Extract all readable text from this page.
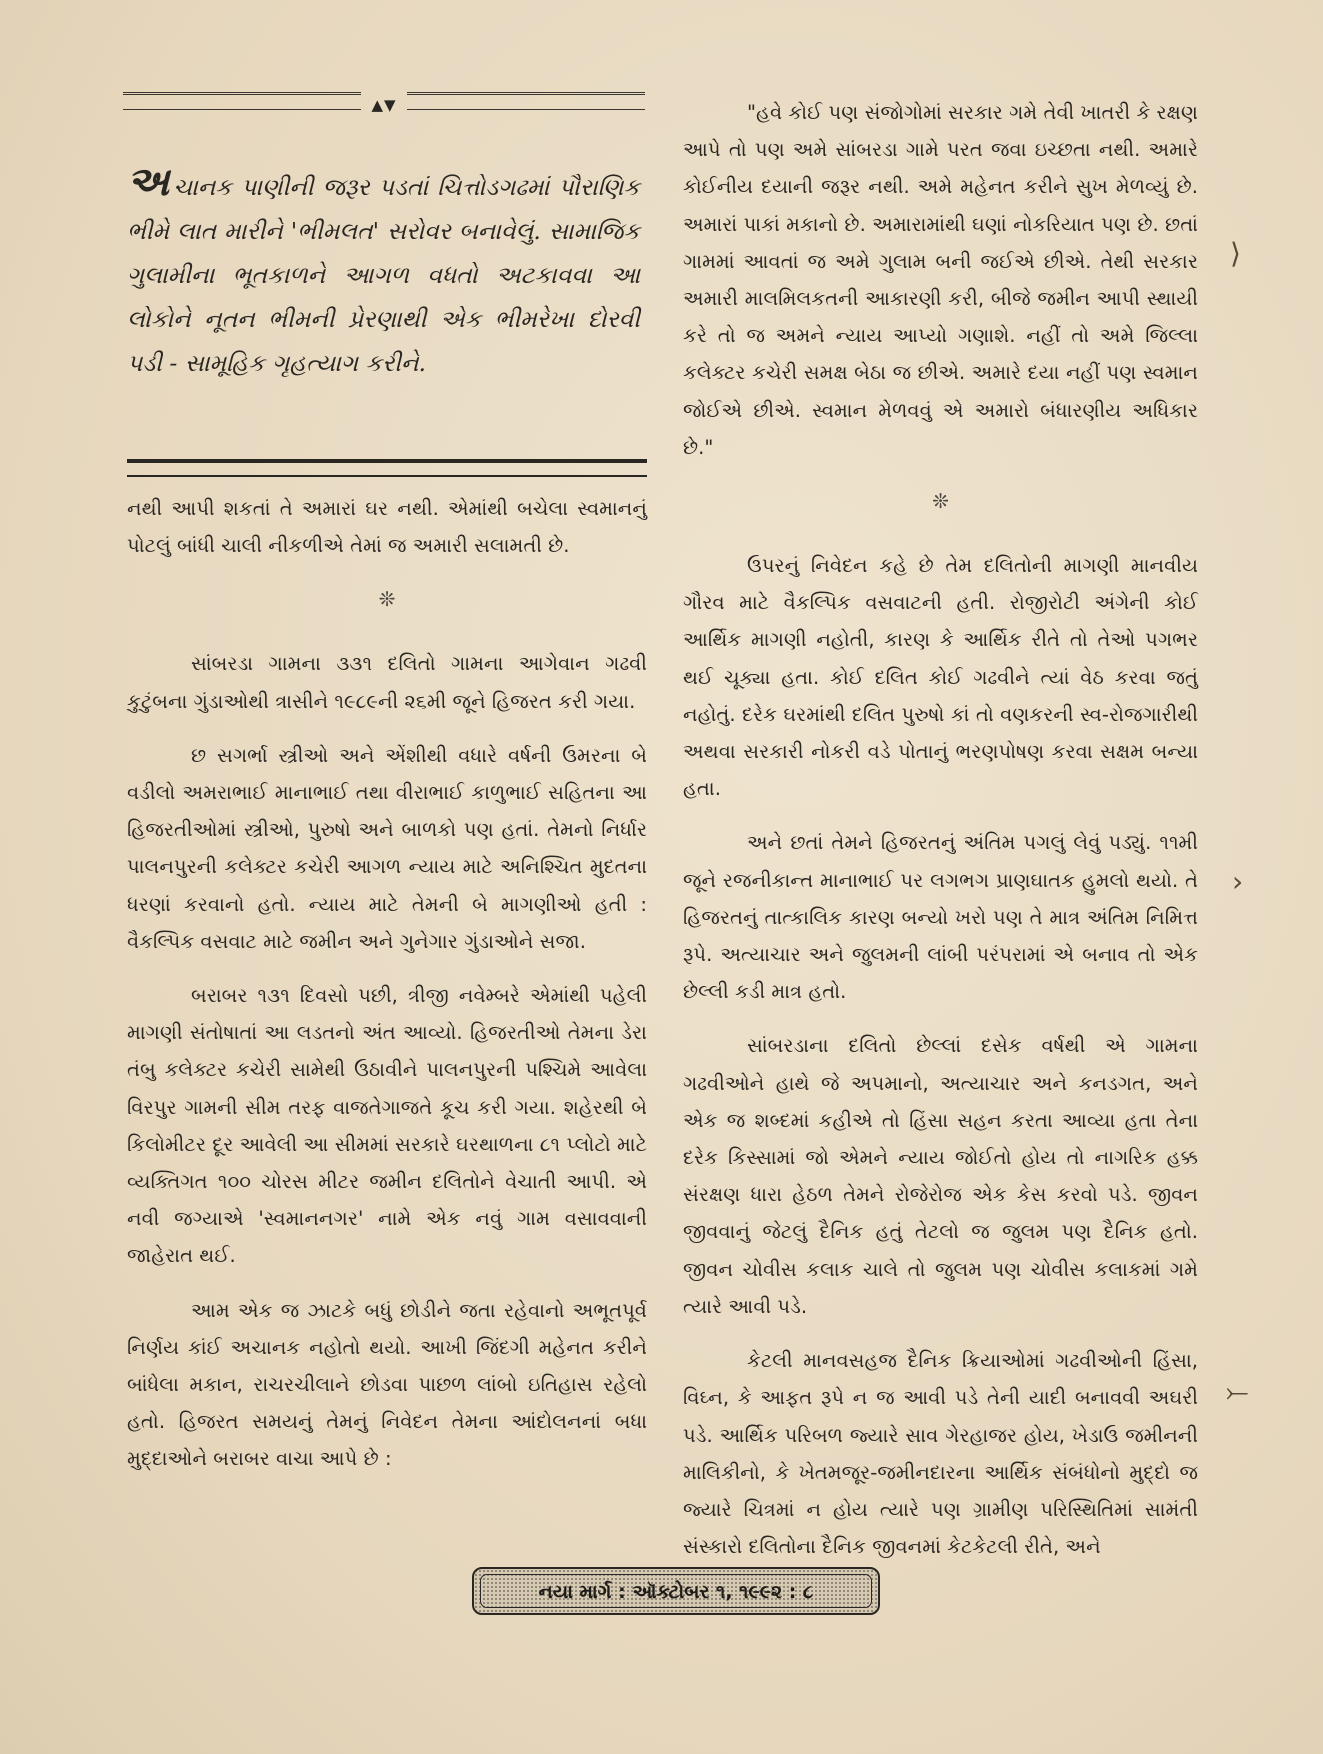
▲▼
અચાનક પાણીની જરૂર પડતાં ચિત્તોડગઢમાં પૌરાણિક ભીમે લાત મારીને 'ભીમલત' સરોવર બનાવેલું. સામાજિક ગુલામીના ભૂતકાળને આગળ વધતો અટકાવવા આ લોકોને નૂતન ભીમની પ્રેરણાથી એક ભીમરેખા દોરવી પડી - સામૂહિક ગૃહત્યાગ કરીને.

નથી આપી શકતાં તે અમારાં ઘર નથી. એમાંથી બચેલા સ્વમાનનું પોટલું બાંધી ચાલી નીકળીએ તેમાં જ અમારી સલામતી છે.

❊

સાંબરડા ગામના ૩૩૧ દલિતો ગામના આગેવાન ગઢવી કુટુંબના ગુંડાઓથી ત્રાસીને ૧૯૮૯ની ૨૬મી જૂને હિજરત કરી ગયા.

છ સગર્ભા સ્ત્રીઓ અને એંશીથી વધારે વર્ષની ઉમરના બે વડીલો અમરાભાઈ માનાભાઈ તથા વીરાભાઈ કાળુભાઈ સહિતના આ હિજરતીઓમાં સ્ત્રીઓ, પુરુષો અને બાળકો પણ હતાં. તેમનો નિર્ધાર પાલનપુરની કલેક્ટર કચેરી આગળ ન્યાય માટે અનિશ્ચિત મુદતના ધરણાં કરવાનો હતો. ન્યાય માટે તેમની બે માગણીઓ હતી : વૈકલ્પિક વસવાટ માટે જમીન અને ગુનેગાર ગુંડાઓને સજા.

બરાબર ૧૩૧ દિવસો પછી, ત્રીજી નવેમ્બરે એમાંથી પહેલી માગણી સંતોષાતાં આ લડતનો અંત આવ્યો. હિજરતીઓ તેમના ડેરા તંબુ કલેક્ટર કચેરી સામેથી ઉઠાવીને પાલનપુરની પશ્ચિમે આવેલા વિરપુર ગામની સીમ તરફ વાજતેગાજતે કૂચ કરી ગયા. શહેરથી બે કિલોમીટર દૂર આવેલી આ સીમમાં સરકારે ઘરથાળના ૮૧ પ્લોટો માટે વ્યક્તિગત ૧૦૦ ચોરસ મીટર જમીન દલિતોને વેચાતી આપી. એ નવી જગ્યાએ 'સ્વમાનનગર' નામે એક નવું ગામ વસાવવાની જાહેરાત થઈ.

આમ એક જ ઝાટકે બધું છોડીને જતા રહેવાનો અભૂતપૂર્વ નિર્ણય કાંઈ અચાનક નહોતો થયો. આખી જિંદગી મહેનત કરીને બાંધેલા મકાન, રાચરચીલાને છોડવા પાછળ લાંબો ઇતિહાસ રહેલો હતો. હિજરત સમયનું તેમનું નિવેદન તેમના આંદોલનનાં બધા મુદ્દાઓને બરાબર વાચા આપે છે :

"હવે કોઈ પણ સંજોગોમાં સરકાર ગમે તેવી ખાતરી કે રક્ષણ આપે તો પણ અમે સાંબરડા ગામે પરત જવા ઇચ્છતા નથી. અમારે કોઈનીય દયાની જરૂર નથી. અમે મહેનત કરીને સુખ મેળવ્યું છે. અમારાં પાકાં મકાનો છે. અમારામાંથી ઘણાં નોકરિયાત પણ છે. છતાં ગામમાં આવતાં જ અમે ગુલામ બની જઈએ છીએ. તેથી સરકાર અમારી માલમિલકતની આકારણી કરી, બીજે જમીન આપી સ્થાયી કરે તો જ અમને ન્યાય આપ્યો ગણાશે. નહીં તો અમે જિલ્લા કલેક્ટર કચેરી સમક્ષ બેઠા જ છીએ. અમારે દયા નહીં પણ સ્વમાન જોઈએ છીએ. સ્વમાન મેળવવું એ અમારો બંધારણીય અધિકાર છે."

❊

ઉપરનું નિવેદન કહે છે તેમ દલિતોની માગણી માનવીય ગૌરવ માટે વૈકલ્પિક વસવાટની હતી. રોજીરોટી અંગેની કોઈ આર્થિક માગણી નહોતી, કારણ કે આર્થિક રીતે તો તેઓ પગભર થઈ ચૂક્યા હતા. કોઈ દલિત કોઈ ગઢવીને ત્યાં વેઠ કરવા જતું નહોતું. દરેક ઘરમાંથી દલિત પુરુષો કાં તો વણકરની સ્વ-રોજગારીથી અથવા સરકારી નોકરી વડે પોતાનું ભરણપોષણ કરવા સક્ષમ બન્યા હતા.

અને છતાં તેમને હિજરતનું અંતિમ પગલું લેવું પડ્યું. ૧૧મી જૂને રજનીકાન્ત માનાભાઈ પર લગભગ પ્રાણઘાતક હુમલો થયો. તે હિજરતનું તાત્કાલિક કારણ બન્યો ખરો પણ તે માત્ર અંતિમ નિમિત્ત રૂપે. અત્યાચાર અને જુલમની લાંબી પરંપરામાં એ બનાવ તો એક છેલ્લી કડી માત્ર હતો.

સાંબરડાના દલિતો છેલ્લાં દસેક વર્ષથી એ ગામના ગઢવીઓને હાથે જે અપમાનો, અત્યાચાર અને કનડગત, અને એક જ શબ્દમાં કહીએ તો હિંસા સહન કરતા આવ્યા હતા તેના દરેક કિસ્સામાં જો એમને ન્યાય જોઈતો હોય તો નાગરિક હક્ક સંરક્ષણ ધારા હેઠળ તેમને રોજેરોજ એક કેસ કરવો પડે. જીવન જીવવાનું જેટલું દૈનિક હતું તેટલો જ જુલમ પણ દૈનિક હતો. જીવન ચોવીસ કલાક ચાલે તો જુલમ પણ ચોવીસ કલાકમાં ગમે ત્યારે આવી પડે.

કેટલી માનવસહજ દૈનિક ક્રિયાઓમાં ગઢવીઓની હિંસા, વિઘ્ન, કે આફત રૂપે ન જ આવી પડે તેની યાદી બનાવવી અઘરી પડે. આર્થિક પરિબળ જ્યારે સાવ ગેરહાજર હોય, ખેડાઉ જમીનની માલિકીનો, કે ખેતમજૂર-જમીનદારના આર્થિક સંબંધોનો મુદ્દો જ જ્યારે ચિત્રમાં ન હોય ત્યારે પણ ગ્રામીણ પરિસ્થિતિમાં સામંતી સંસ્કારો દલિતોના દૈનિક જીવનમાં કેટકેટલી રીતે, અને

⟩
›
⤚
નયા માર્ગ : ઑક્ટોબર ૧, ૧૯૯૨ : ૮
